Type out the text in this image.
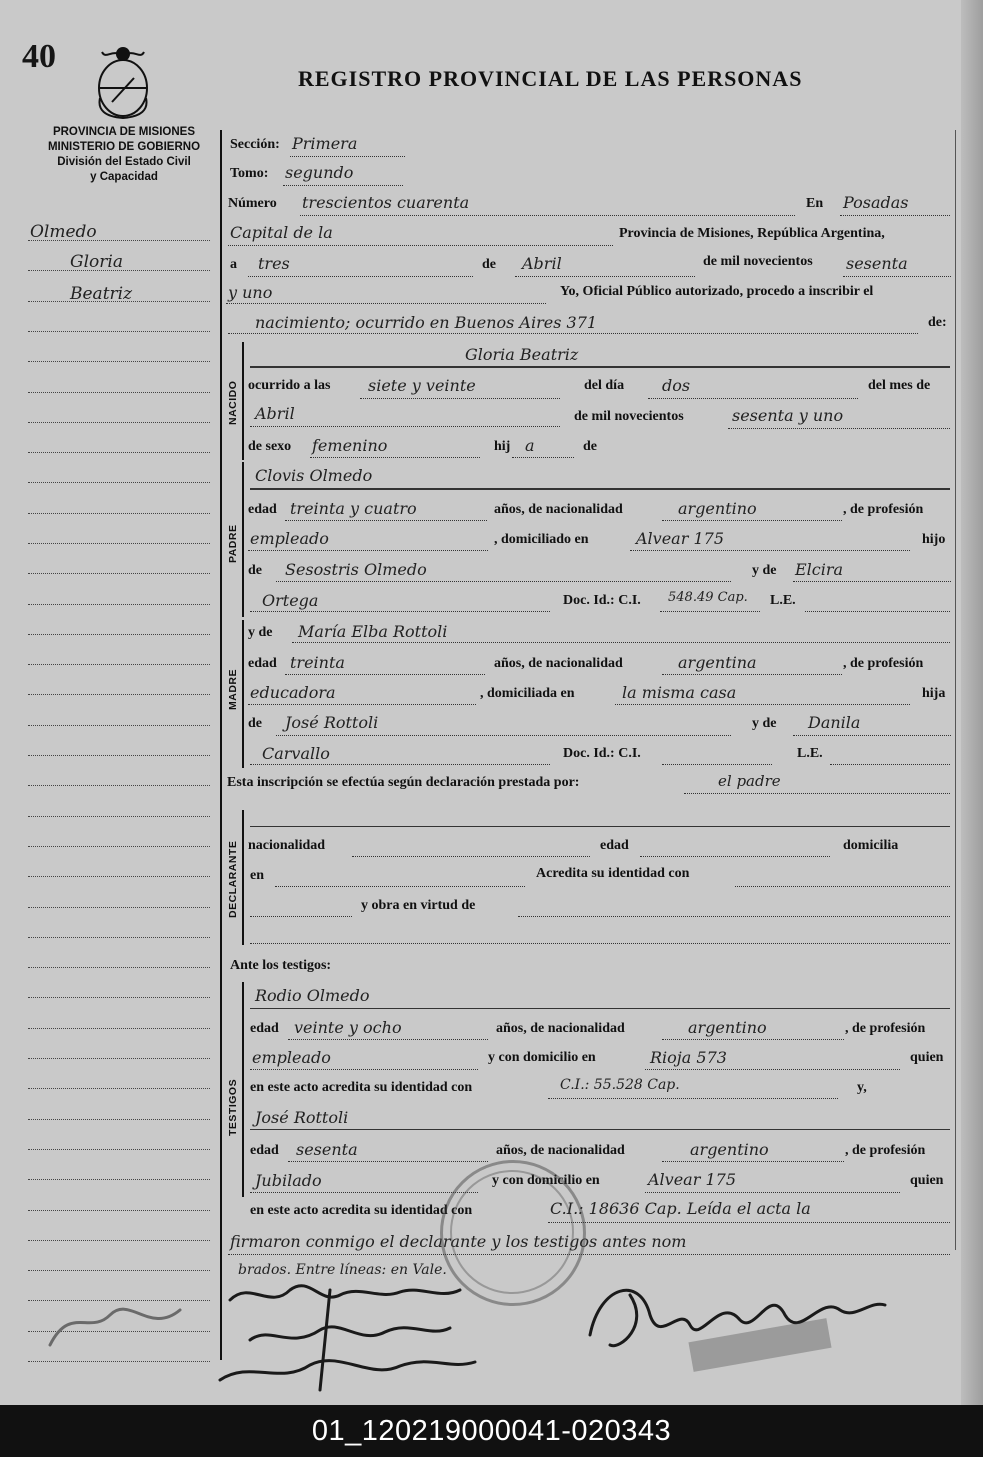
40
REGISTRO PROVINCIAL DE LAS PERSONAS
PROVINCIA DE MISIONES
MINISTERIO DE GOBIERNO
División del Estado Civil
y Capacidad
Olmedo
Gloria
Beatriz
Sección: Primera
Tomo: segundo
Número trescientos cuarenta	En Posadas
Capital de la	Provincia de Misiones, República Argentina,
a tres	de Abril	de mil novecientos sesenta
y uno	Yo, Oficial Público autorizado, procedo a inscribir el
nacimiento; ocurrido en Buenos Aires 371	de:
NACIDO
Gloria Beatriz
ocurrido a las siete y veinte	del día dos	del mes de
Abril	de mil novecientos	sesenta y uno
de sexo femenino	hij a	de
PADRE
Clovis Olmedo
edad treinta y cuatro	años, de nacionalidad	argentino	, de profesión
empleado	, domiciliado en	Alvear 175	hijo
de Sesostris Olmedo	y de Elcira
Ortega	Doc. Id.: C.I. 548.49 Cap. L.E.
MADRE
y de María Elba Rottoli
edad treinta	años, de nacionalidad	argentina	, de profesión
educadora	, domiciliada en	la misma casa	hija
de José Rottoli	y de Danila
Carvallo	Doc. Id.: C.I.	L.E.
Esta inscripción se efectúa según declaración prestada por:	el padre
DECLARANTE nacionalidad	edad	domicilia
en	Acredita su identidad con
y obra en virtud de
Ante los testigos:
TESTIGOS
Rodio Olmedo
edad veinte y ocho	años, de nacionalidad	argentino	, de profesión
empleado	y con domicilio en	Rioja 573	quien
en este acto acredita su identidad con	C.I.: 55.528 Cap.	y,
José Rottoli
edad sesenta	años, de nacionalidad	argentino	, de profesión
Jubilado	y con domicilio en	Alvear 175	quien
en este acto acredita su identidad con	C.I.: 18636 Cap. Leída el acta la
firmaron conmigo el declarante y los testigos antes nom
brados. Entre líneas: en Vale.
01_120219000041-020343
